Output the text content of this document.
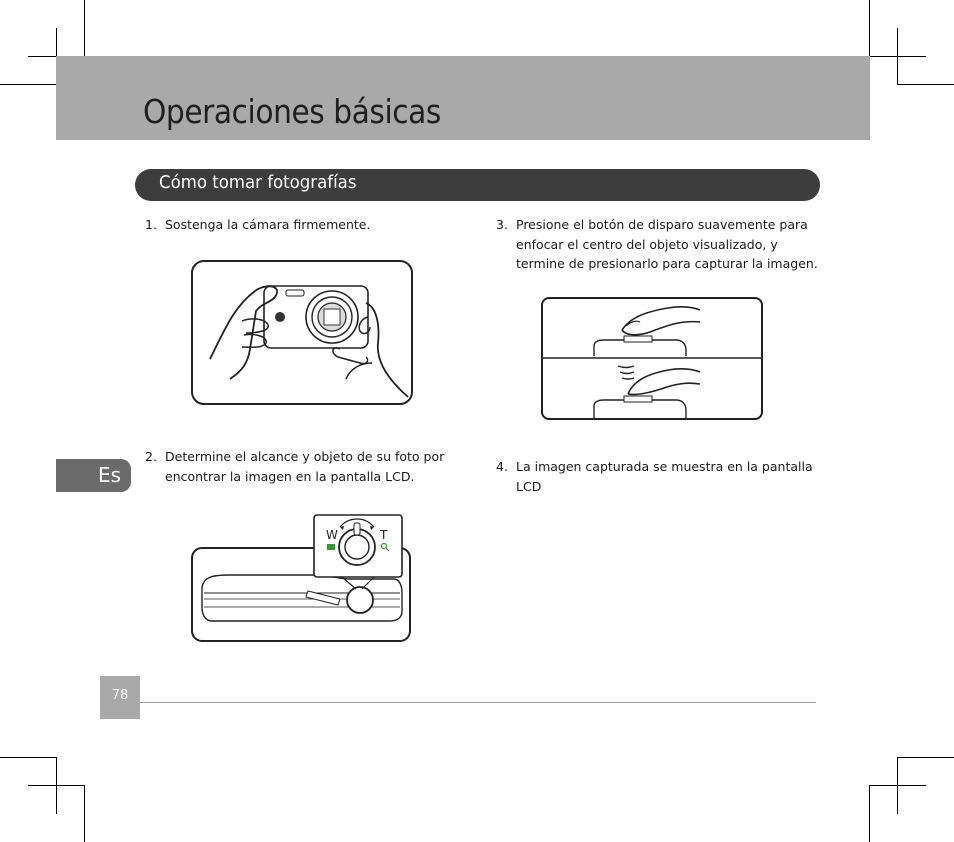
Operaciones básicas
Cómo tomar fotografías
1. Sostenga la cámara firmemente.
2. Determine el alcance y objeto de su foto por
encontrar la imagen en la pantalla LCD.
3. Presione el botón de disparo suavemente para
enfocar el centro del objeto visualizado, y
termine de presionarlo para capturar la imagen.
4. La imagen capturada se muestra en la pantalla
LCD
W	T
Es
78
